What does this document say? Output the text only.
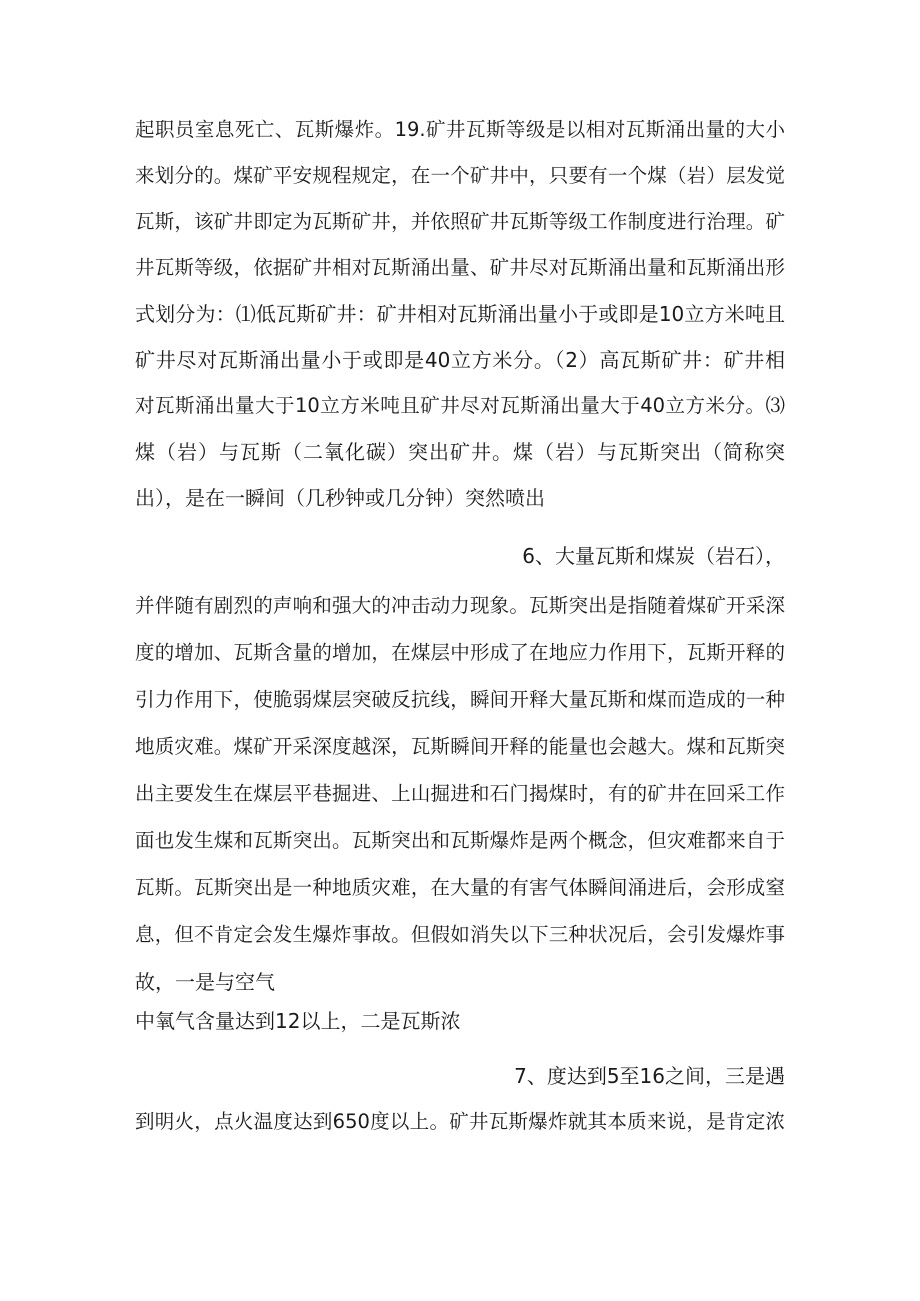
起职员室息死亡、瓦斯爆炸。19.矿井瓦斯等级是以相对瓦斯涌出量的大小
来划分的。煤矿平安规程规定，在一个矿井中，只要有一个煤（岩）层发觉
瓦斯，该矿井即定为瓦斯矿井，并依照矿井瓦斯等级工作制度进行治理。矿
井瓦斯等级，依据矿井相对瓦斯涌出量、矿井尽对瓦斯涌出量和瓦斯涌出形
式划分为：⑴低瓦斯矿井：矿井相对瓦斯涌出量小于或即是10立方米吨且
矿井尽对瓦斯涌出量小于或即是40立方米分。（2）高瓦斯矿井：矿井相
对瓦斯涌出量大于10立方米吨且矿井尽对瓦斯涌出量大于40立方米分。⑶
煤（岩）与瓦斯（二氧化碳）突出矿井。煤（岩）与瓦斯突出（简称突
出），是在一瞬间（几秒钟或几分钟）突然喷出
6、大量瓦斯和煤炭（岩石），
并伴随有剧烈的声响和强大的冲击动力现象。瓦斯突出是指随着煤矿开采深
度的增加、瓦斯含量的增加，在煤层中形成了在地应力作用下，瓦斯开释的
引力作用下，使脆弱煤层突破反抗线，瞬间开释大量瓦斯和煤而造成的一种
地质灾难。煤矿开采深度越深，瓦斯瞬间开释的能量也会越大。煤和瓦斯突
出主要发生在煤层平巷掘进、上山掘进和石门揭煤时，有的矿井在回采工作
面也发生煤和瓦斯突出。瓦斯突出和瓦斯爆炸是两个概念，但灾难都来自于
瓦斯。瓦斯突出是一种地质灾难，在大量的有害气体瞬间涌进后，会形成窒
息，但不肯定会发生爆炸事故。但假如消失以下三种状况后，会引发爆炸事
故，一是与空气
中氧气含量达到12以上，二是瓦斯浓
7、度达到5至16之间，三是遇
到明火，点火温度达到650度以上。矿井瓦斯爆炸就其本质来说，是肯定浓
